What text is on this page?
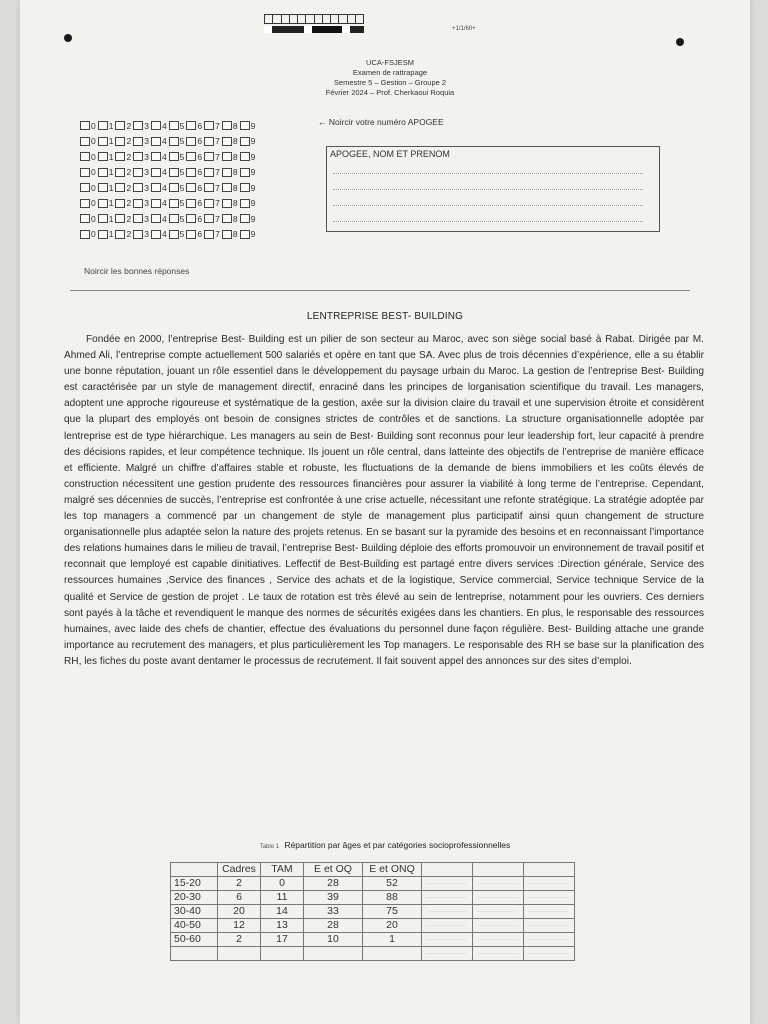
+1/1/60+
UCA-FSJESM
Examen de rattrapage
Semestre 5 – Gestion – Groupe 2
Février 2024 – Prof. Cherkaoui Roquia
0 1 2 3 4 5 6 7 8 9
0 1 2 3 4 5 6 7 8 9
0 1 2 3 4 5 6 7 8 9
0 1 2 3 4 5 6 7 8 9
0 1 2 3 4 5 6 7 8 9
0 1 2 3 4 5 6 7 8 9
0 1 2 3 4 5 6 7 8 9
0 1 2 3 4 5 6 7 8 9
← Noircir votre numéro APOGEE
APOGEE, NOM ET PRENOM
Noircir les bonnes réponses
LENTREPRISE BEST- BUILDING
Fondée en 2000, l’entreprise Best- Building est un pilier de son secteur au Maroc, avec son siège social basé à Rabat. Dirigée par M. Ahmed Ali, l’entreprise compte actuellement 500 salariés et opère en tant que SA. Avec plus de trois décennies d’expérience, elle a su établir une bonne réputation, jouant un rôle essentiel dans le développement du paysage urbain du Maroc. La gestion de l’entreprise Best- Building est caractérisée par un style de management directif, enraciné dans les principes de lorganisation scientifique du travail. Les managers, adoptent une approche rigoureuse et systématique de la gestion, axée sur la division claire du travail et une supervision étroite et considèrent que la plupart des employés ont besoin de consignes strictes de contrôles et de sanctions. La structure organisationnelle adoptée par lentreprise est de type hiérarchique. Les managers au sein de Best- Building sont reconnus pour leur leadership fort, leur capacité à prendre des décisions rapides, et leur compétence technique. Ils jouent un rôle central, dans latteinte des objectifs de l’entreprise de manière efficace et efficiente. Malgré un chiffre d’affaires stable et robuste, les fluctuations de la demande de biens immobiliers et les coûts élevés de construction nécessitent une gestion prudente des ressources financières pour assurer la viabilité à long terme de l’entreprise. Cependant, malgré ses décennies de succès, l’entreprise est confrontée à une crise actuelle, nécessitant une refonte stratégique. La stratégie adoptée par les top managers a commencé par un changement de style de management plus participatif ainsi quun changement de structure organisationnelle plus adaptée selon la nature des projets retenus. En se basant sur la pyramide des besoins et en reconnaissant l’importance des relations humaines dans le milieu de travail, l’entreprise Best- Building déploie des efforts promouvoir un environnement de travail positif et reconnait que lemployé est capable dinitiatives. Leffectif de Best-Building est partagé entre divers services :Direction générale, Service des ressources humaines ,Service des finances , Service des achats et de la logistique, Service commercial, Service technique Service de la qualité et Service de gestion de projet . Le taux de rotation est très élevé au sein de lentreprise, notamment pour les ouvriers. Ces derniers sont payés à la tâche et revendiquent le manque des normes de sécurités exigées dans les chantiers. En plus, le responsable des ressources humaines, avec laide des chefs de chantier, effectue des évaluations du personnel dune façon régulière. Best- Building attache une grande importance au recrutement des managers, et plus particulièrement les Top managers. Le responsable des RH se base sur la planification des RH, les fiches du poste avant dentamer le processus de recrutement. Il fait souvent appel des annonces sur des sites d’emploi.
Table 1 Répartition par âges et par catégories socioprofessionnelles
	Cadres	TAM	E et OQ	E et ONQ			
15-20	2	0	28	52	...............	...............	...............
20-30	6	11	39	88	...............	...............	...............
30-40	20	14	33	75	...............	...............	...............
40-50	12	13	28	20	...............	...............	...............
50-60	2	17	10	1	...............	...............	...............
					...............	...............	...............
